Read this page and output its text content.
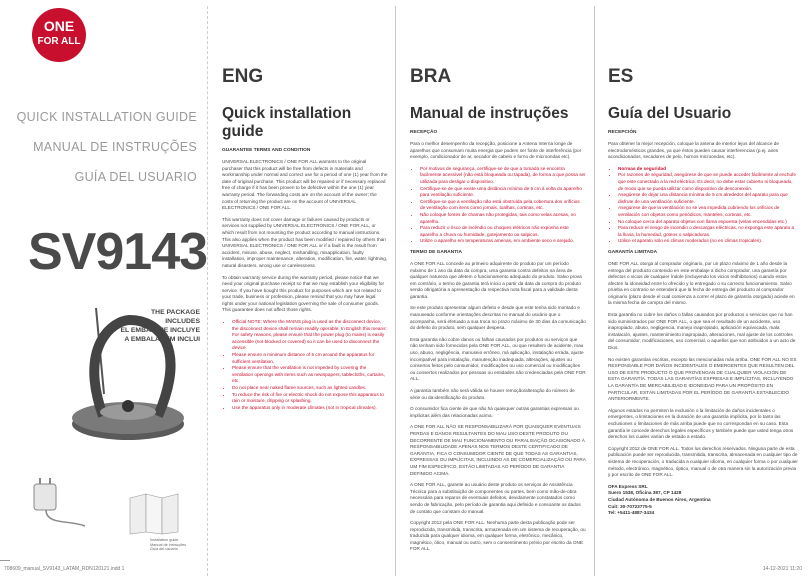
ONE
FOR ALL
QUICK INSTALLATION GUIDE
MANUAL DE INSTRUÇÕES
GUÍA DEL USUARIO
SV9143
THE PACKAGE INCLUDES
EL EMBALAJE INCLUYE
A EMBALAGEM INCLUI
Installation guide
Manual de instruções
Guía del usuario
708609_manual_SV9143_LATAM_RDN120121.indd 1	14-12-2021 11:20
ENG
Quick installation guide
GUARANTEE TERMS AND CONDITION

UNIVERSAL ELECTRONICS / ONE FOR ALL warrants to the original purchaser that this product will be free from defects in materials and workmanship under normal and correct use for a period of one (1) year from the date of original purchase. This product will be repaired or if necessary replaced free of charge if it has been proven to be defective within the one (1) year warranty period. The forwarding costs are on the account of the owner; the costs of returning the product are on the account of UNIVERSAL ELECTRONICS / ONE FOR ALL.

This warranty does not cover damage or failures caused by products or services not supplied by UNIVERSAL ELECTRONICS / ONE FOR ALL, or which result from not mounting the product according to manual instructions. This also applies when the product has been modified / repaired by others than UNIVERSAL ELECTRONICS / ONE FOR ALL or if a fault is the result from accident, misuse, abuse, neglect, mishandling, misapplication, faulty installation, improper maintenance, alteration, modification, fire, water, lightning, natural disasters, wrong use or carelessness.

To obtain warranty service during the warranty period, please notice that we need your original purchase receipt so that we may establish your eligibility for service. If you have bought this product for purposes which are not related to your trade, business or profession, please remind that you may have legal rights under your national legislation governing the sale of consumer goods. This guarantee does not affect those rights.

• Official NOTE: Where the MAINS plug is used as the disconnect device, the disconnect device shall remain readily operable. In English this means: For safety reasons, please ensure that the power plug (to mains) is easily accessible (not blocked or covered) so it can be used to disconnect the device.
• Please ensure a minimum distance of 5 cm around the apparatus for sufficient ventilation.
• Please ensure that the ventilation is not impeded by covering the ventilation openings with items such as newspapers, tablecloths, curtains, etc.
• Do not place near naked flame sources, such as lighted candles.
• To reduce the risk of fire or electric shock do not expose this apparatus to rain or moisture, dripping or splashing.
• Use the apparatus only in moderate climates (not in tropical climates).
BRA
Manual de instruções
RECEPÇÃO

Para o melhor desempenho da recepção, posicione a Antena Interna longe de aparelhos que consumam muita energia que podem ser fonte de interferência (por exemplo, condicionador de ar, secador de cabelo e forno de microondas etc).

• Por motivos de segurança, certifique-se de que a tomada se encontra facilmente acessível (não está bloqueada ou tapada), de forma a que possa ser utilizada para desligar o dispositivo.
• Certifique-se de que existe uma distância mínima de 5 cm à volta do aparelho para ventilação suficiente.
• Certifique-se que a ventilação não está obstruída pela cobertura dos orifícios de ventilação com itens como jornais, toalhas, cortinas, etc.
• Não coloque fontes de chamas não protegidas, tais como velas acesas, no aparelho.
• Para reduzir o risco de incêndio ou choques elétricos não exponha este aparelho a chuva ou humidade, gotejamento ou salpicos.
• Utilize o aparelho em temperaturas amenas, em ambiente seco e arejado.
TERMO DE GARANTIA

A ONE FOR ALL concede ao primeiro adquirente do produto por um período máximo de 1 ano da data da compra, uma garantia contra defeitos na área de qualquer natureza que afetem o funcionamento adequado do produto. Salvo prova em contrário, o termo de garantia terá início a partir da data da compra do produto sendo obrigatória a apresentação da respectiva nota fiscal para a validade desta garantia.

Se este produto apresentar algum defeito e desde que este tenha sido montado e manuseado conforme orientações descritas no manual do usuário que o acompanha, será efetuado a sua troca no prazo máximo de 30 dias da comunicação do defeito do produto, sem qualquer despesa.

Esta garantia não cobre danos ou falhas causados por produtos ou serviços que não tenham sido fornecidos pela ONE FOR ALL, ou que resultem de acidente, mau uso, abuso, negligência, manuseio errôneo, má aplicação, instalação errada, ajuste incompatível para instalação, manutenção inadequada, alterações, ajustes ou consertos feitos pelo consumidor, modificações ou uso comercial ou modificações ou consertos realizados por pessoas ou entidades não credenciadas pela ONE FOR ALL.

A garantia também não será válida se houver remoção/alteração do número de série ou da identificação do produto.

O consumidor fica ciente de que não há quaisquer outras garantias expressas ou implícitas além das relacionadas acima.

A ONE FOR ALL NÃO SE RESPONSABILIZARÁ POR QUAISQUER EVENTUAIS PERDAS E DANOS RESULTANTES DO MAU USO DESTE PRODUTO OU DECORRENTE DE MAU FUNCIONAMENTO OU PARALISAÇÃO OCASIONADO À RESPONSABILIDADE APENAS NOS TERMOS DESTE CERTIFICADO DE GARANTIA, FICA O CONSUMIDOR CIENTE DE QUE TODAS AS GARANTIAS, EXPRESSAS OU IMPLÍCITAS, INCLUINDO AS DE COMERCIALIZAÇÃO OU PARA UM FIM ESPECÍFICO, ESTÃO LIMITADAS AO PERÍODO DE GARANTIA DEFINIDO ACIMA.

A ONE FOR ALL, garante ao usuário deste produto os serviços de Assistência Técnica para a substituição de componentes ou partes, bem como mão-de-obra necessária para reparos de eventuais defeitos, devidamente constatados como sendo de fabricação, pelo período de garantia aqui definido e consoante os dados de contato que constam do manual.

Copyright 2012 pela ONE FOR ALL. Nenhuma parte desta publicação pode ser reproduzida, transmitida, transcrita, armazenada em um sistema de recuperação, ou traduzida para qualquer idioma, em qualquer forma, eletrônico, mecânico, magnético, ótico, manual ou outro, sem o consentimento prévio por escrito da ONE FOR ALL.

ES
Guía del Usuario
RECEPCIÓN

Para obtener la mejor recepción, coloque la antena de interior lejos del alcance de electrodomésticos grandes, ya que éstos pueden causar interferencias (p.ej. aires acondicionados, secadores de pelo, hornos microondas, etc).

• Normas de seguridad
• Por razones de seguridad, asegúrese de que se puede acceder fácilmente al enchufe que este conectado a la red eléctrica. Es decir, no debe estar cubierto ni bloqueado, de modo que se pueda utilizar como dispositivo de desconexión.
• Asegúrese de dejar una distancia mínima de 5 cm alrededor del aparato para que disfrute de una ventilación suficiente.
• Asegúrese de que la ventilación no se vea impedida cubriendo los orificios de ventilación con objetos como periódicos, manteles, cortinas, etc.
• No coloque cerca del aparato objetos con llama expuesta (velas encendidas etc.)
• Para reducir el riesgo de incendio o descargas eléctricas, no exponga este aparato a la lluvia, la humedad, goteos o salpicaduras.
• Utilice el aparato sólo en climas moderados (no en climas tropicales).
GARANTÍA LIMITADA

ONE FOR ALL otorga al comprador originario, por un plazo máximo de 1 año desde la entrega del producto contenido en este embalaje a dicho comprador, una garantía por defectos o vicios de cualquier índole (incluyendo los vicios redhibitorios) cuando estos afecten la idoneidad entre lo ofrecido y lo entregado o su correcto funcionamiento. Salvo prueba en contrario se entenderá que la fecha de entrega del producto al comprador originario (plazo desde el cual comienza a correr el plazo de garantía otorgado) aciede en la misma fecha de compra del mismo.

Esta garantía no cubre los daños o fallas causados por productos o servicios que no han sido suministrados por ONE FOR ALL, o que sea el resultado de un accidente, uso inapropiado, abuso, negligencia, manejo inapropiado, aplicación equivocada, mala instalación, ajustes, mantenimiento inapropiado, alteraciones, mal ajuste de los controles del consumidor, modificaciones, uso comercial, o aquellos que son atribuidos a un acto de Dios.

No existen garantías escritas, excepto las mencionadas más arriba. ONE FOR ALL NO ES RESPONSABLE POR DAÑOS INCIDENTALES O EMERGENTES QUE RESULTEN DEL USO DE ESTE PRODUCTO O QUE PROVENGAN DE CUALQUIER VIOLACIÓN DE ESTA GARANTÍA. TODAS LAS GARANTÍAS EXPRESAS E IMPLÍCITAS, INCLUYENDO LA GARANTÍA DE MERCABILIDAD E IDONEIDAD PARA UN PROPÓSITO EN PARTICULAR, ESTÁN LIMITADAS POR EL PERÍODO DE GARANTÍA ESTABLECIDO ANTERIORMENTE.

Algunos estados no permiten la exclusión o la limitación de daños incidentales o emergentes, o limitaciones en la duración de una garantía implícita, por lo tanto las exclusiones o limitaciones de más arriba puede que no correspondan en su caso. Esta garantía le concede derechos legales específicos y también puede que usted tenga otros derechos los cuales varían de estado a estado.

Copyright 2012 de ONE FOR ALL. Todos los derechos reservados. Ninguna parte de esta publicación puede ser reproducida, transmitida, transcrita, almacenada en cualquier tipo de sistema de recuperación, o traducida a cualquier idioma, en cualquier forma o por cualquier método, electrónico, magnético, óptico, manual o de otra manera sin la autorización previa y por escrito de ONE FOR ALL.

OFA Express SRL
Suero 1538, Oficina 387, CP 1428
Ciudad Autónoma de Buenos Aires, Argentina
Cuit: 30-70723775-5
Tel: +5411-4887-3434
